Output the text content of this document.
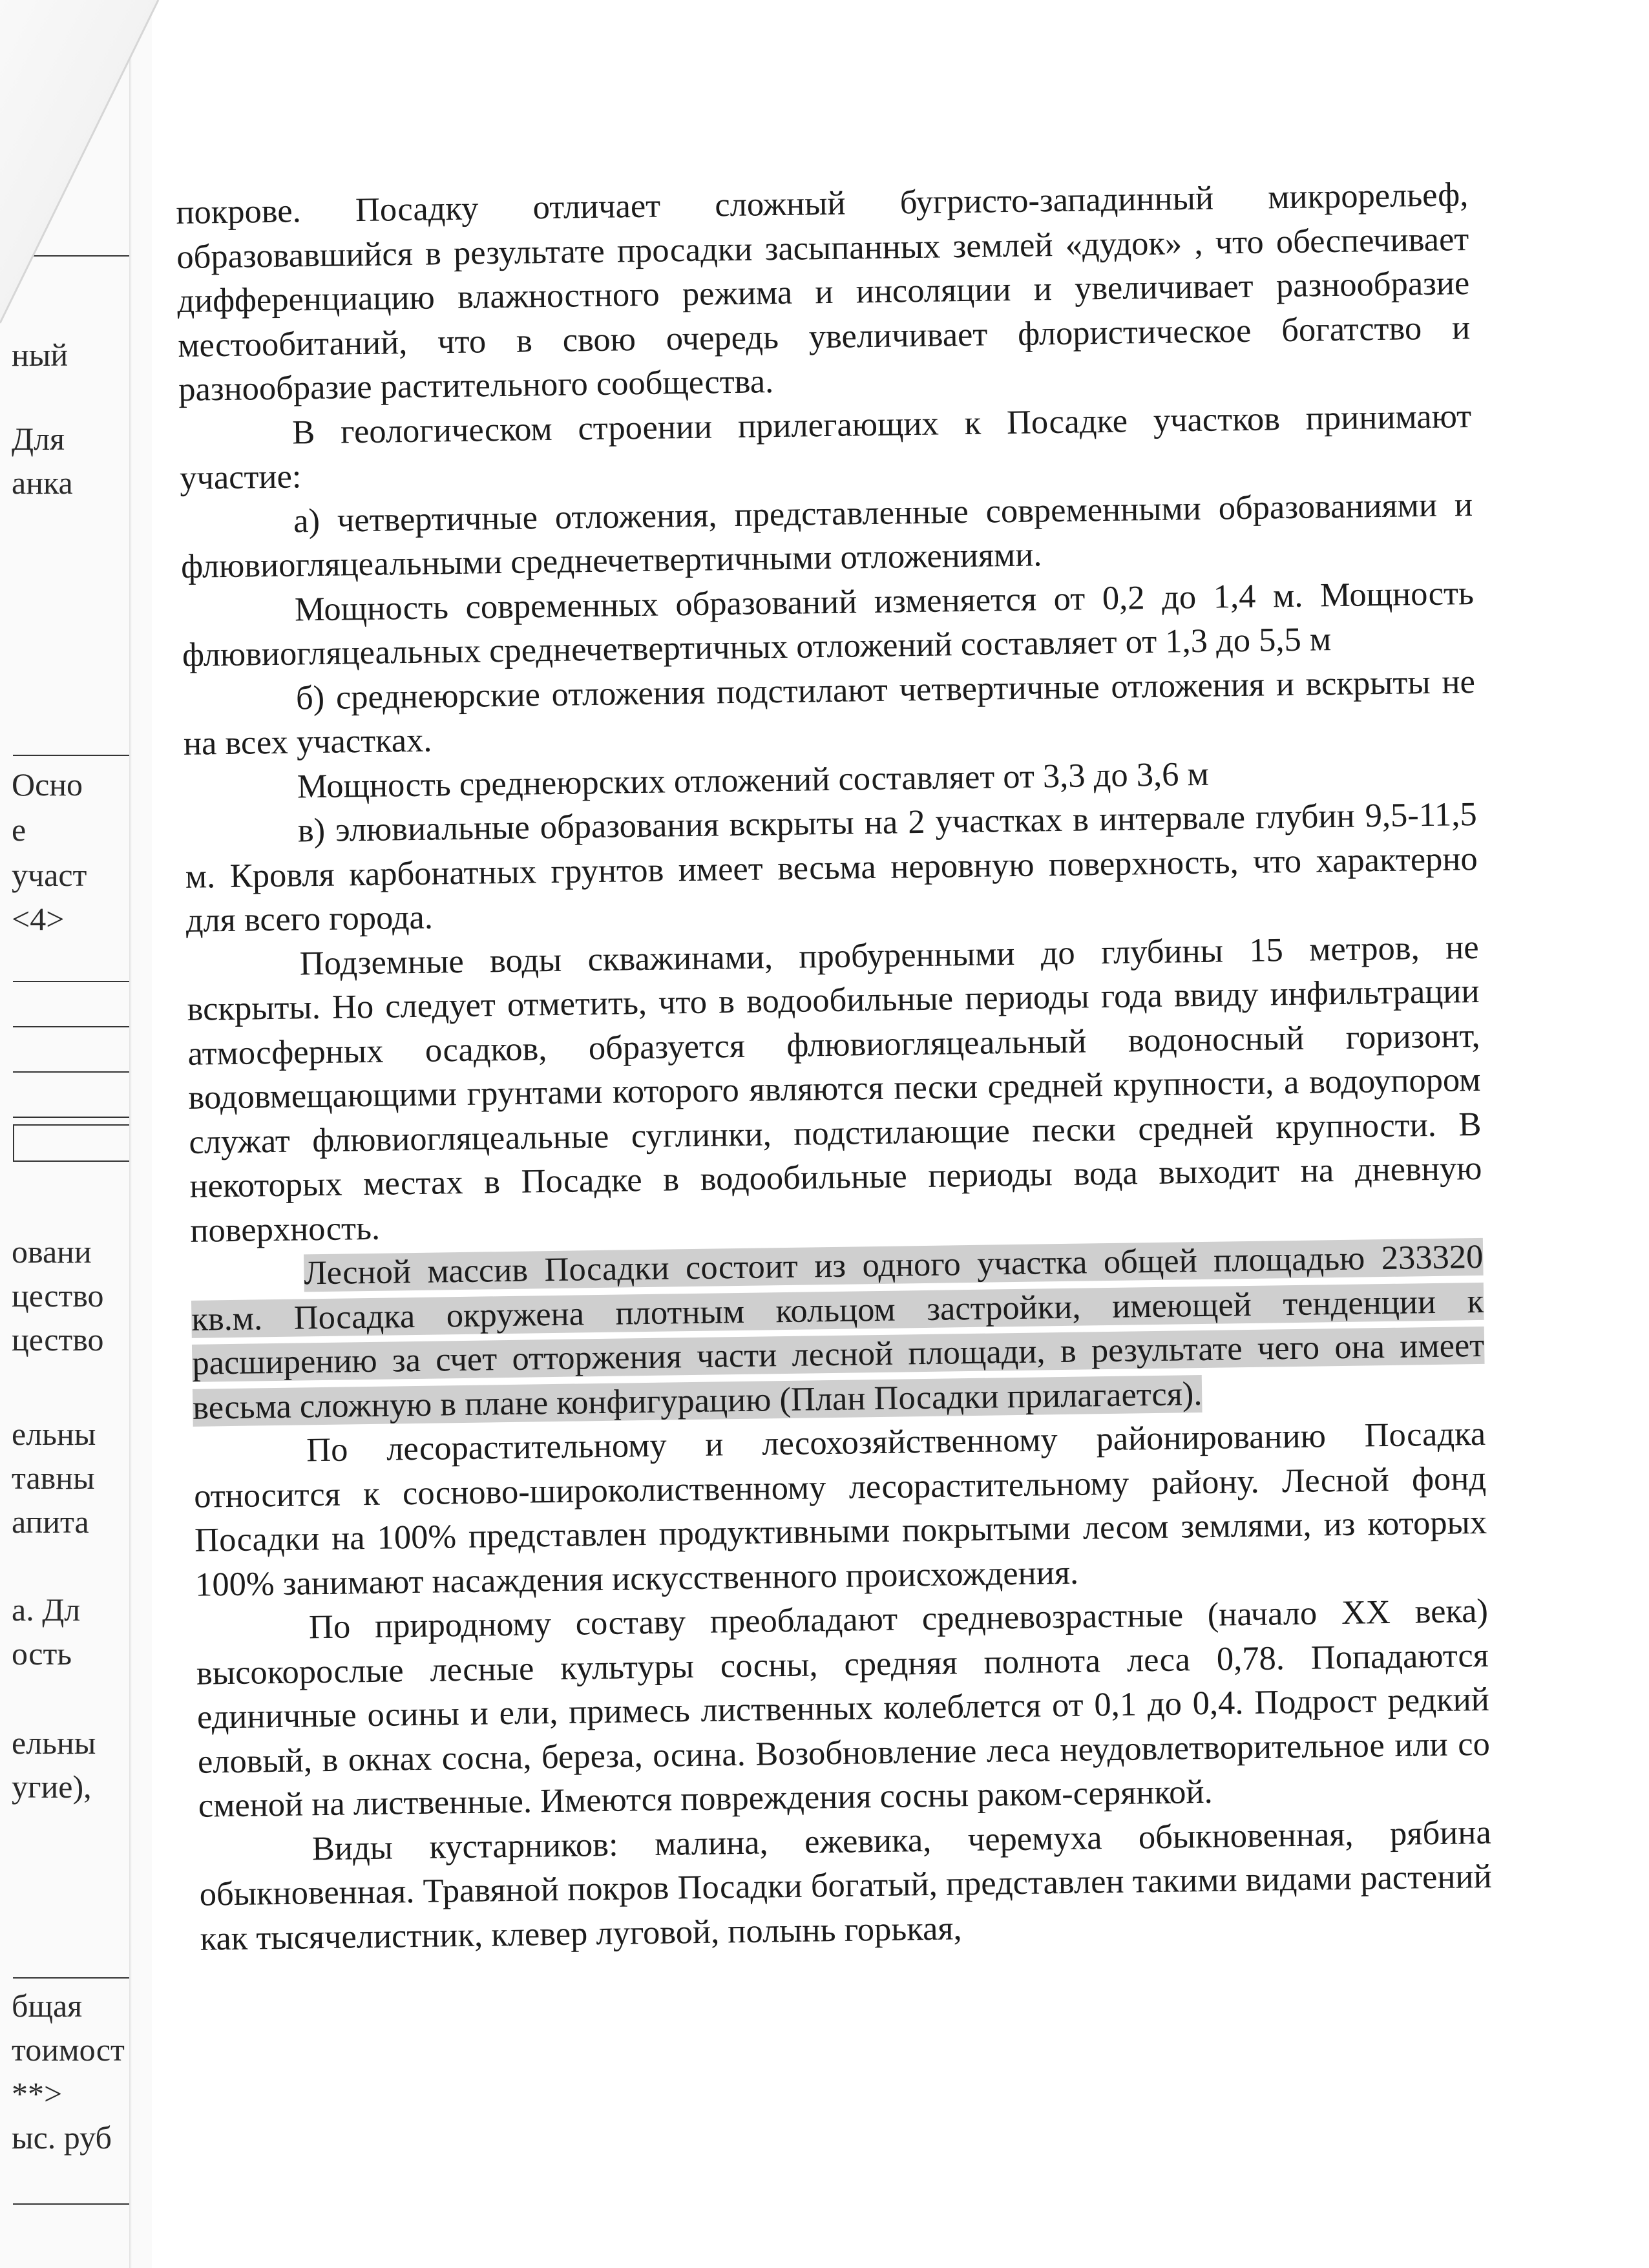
ный
Для
анка
Осно
е
участ
<4>
овани
цество
цество
ельны
тавны
апита
а. Дл
ость
ельны
угие),
бщая
тоимост
**>
ыс. руб

покрове. Посадку отличает сложный бугристо-западинный микрорельеф, образовавшийся в результате просадки засыпанных землей «дудок» , что обеспечивает дифференциацию влажностного режима и инсоляции и увеличивает разнообразие местообитаний, что в свою очередь увеличивает флористическое богатство и разнообразие растительного сообщества.

В геологическом строении прилегающих к Посадке участков принимают участие:

а) четвертичные отложения, представленные современными образованиями и флювиогляцеальными среднечетвертичными отложениями.

Мощность современных образований изменяется от 0,2 до 1,4 м. Мощность флювиогляцеальных среднечетвертичных отложений составляет от 1,3 до 5,5 м

б) среднеюрские отложения подстилают четвертичные отложения и вскрыты не на всех участках.

Мощность среднеюрских отложений составляет от 3,3 до 3,6 м

в) элювиальные образования вскрыты на 2 участках в интервале глубин 9,5-11,5 м. Кровля карбонатных грунтов имеет весьма неровную поверхность, что характерно для всего города.

Подземные воды скважинами, пробуренными до глубины 15 метров, не вскрыты. Но следует отметить, что в водообильные периоды года ввиду инфильтрации атмосферных осадков, образуется флювиогляцеальный водоносный горизонт, водовмещающими грунтами которого являются пески средней крупности, а водоупором служат флювиогляцеальные суглинки, подстилающие пески средней крупности. В некоторых местах в Посадке в водообильные периоды вода выходит на дневную поверхность.

Лесной массив Посадки состоит из одного участка общей площадью 233320 кв.м. Посадка окружена плотным кольцом застройки, имеющей тенденции к расширению за счет отторжения части лесной площади, в результате чего она имеет весьма сложную в плане конфигурацию (План Посадки прилагается).

По лесорастительному и лесохозяйственному районированию Посадка относится к сосново-широколиственному лесорастительному району. Лесной фонд Посадки на 100% представлен продуктивными покрытыми лесом землями, из которых 100% занимают насаждения искусственного происхождения.

По природному составу преобладают средневозрастные (начало XX века) высокорослые лесные культуры сосны, средняя полнота леса 0,78. Попадаются единичные осины и ели, примесь лиственных колеблется от 0,1 до 0,4. Подрост редкий еловый, в окнах сосна, береза, осина. Возобновление леса неудовлетворительное или со сменой на лиственные. Имеются повреждения сосны раком-серянкой.

Виды кустарников: малина, ежевика, черемуха обыкновенная, рябина обыкновенная. Травяной покров Посадки богатый, представлен такими видами растений как тысячелистник, клевер луговой, полынь горькая,
